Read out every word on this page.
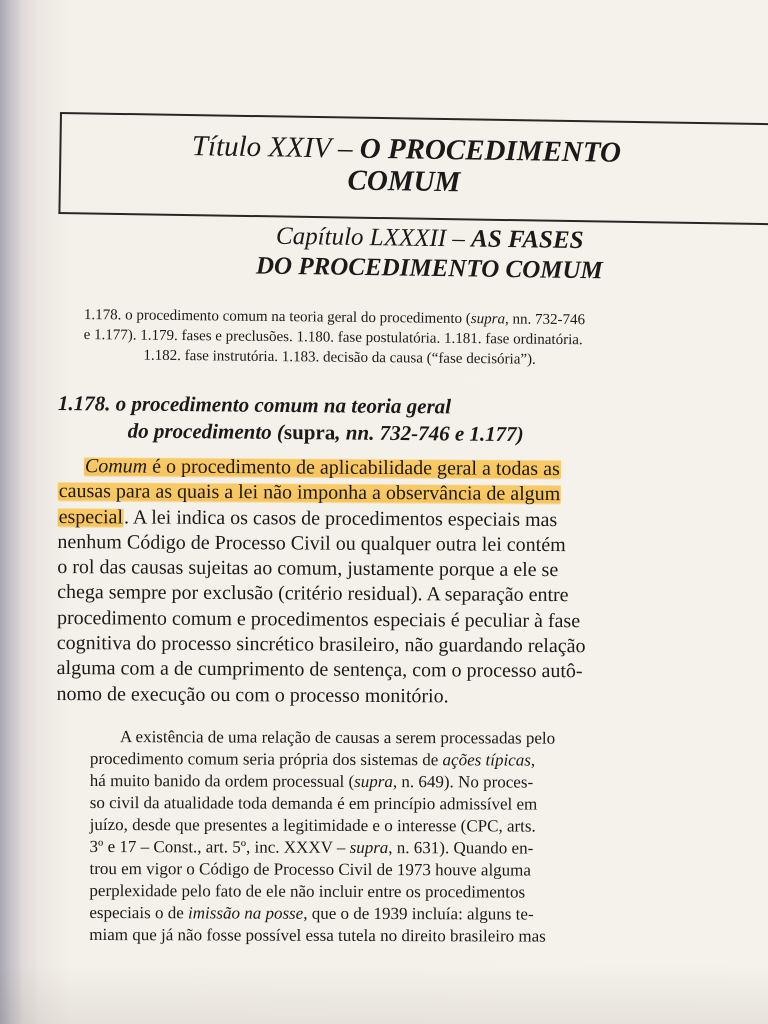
Título XXIV – O PROCEDIMENTO
COMUM
Capítulo LXXXII – AS FASES
DO PROCEDIMENTO COMUM
1.178. o procedimento comum na teoria geral do procedimento (supra, nn. 732-746
e 1.177). 1.179. fases e preclusões. 1.180. fase postulatória. 1.181. fase ordinatória.
1.182. fase instrutória. 1.183. decisão da causa (“fase decisória”).
1.178. o procedimento comum na teoria geral
do procedimento (supra, nn. 732-746 e 1.177)
Comum é o procedimento de aplicabilidade geral a todas as
causas para as quais a lei não imponha a observância de algum
especial. A lei indica os casos de procedimentos especiais mas
nenhum Código de Processo Civil ou qualquer outra lei contém
o rol das causas sujeitas ao comum, justamente porque a ele se
chega sempre por exclusão (critério residual). A separação entre
procedimento comum e procedimentos especiais é peculiar à fase
cognitiva do processo sincrético brasileiro, não guardando relação
alguma com a de cumprimento de sentença, com o processo autô-
nomo de execução ou com o processo monitório.
A existência de uma relação de causas a serem processadas pelo
procedimento comum seria própria dos sistemas de ações típicas,
há muito banido da ordem processual (supra, n. 649). No proces-
so civil da atualidade toda demanda é em princípio admissível em
juízo, desde que presentes a legitimidade e o interesse (CPC, arts.
3º e 17 – Const., art. 5º, inc. XXXV – supra, n. 631). Quando en-
trou em vigor o Código de Processo Civil de 1973 houve alguma
perplexidade pelo fato de ele não incluir entre os procedimentos
especiais o de imissão na posse, que o de 1939 incluía: alguns te-
miam que já não fosse possível essa tutela no direito brasileiro mas
